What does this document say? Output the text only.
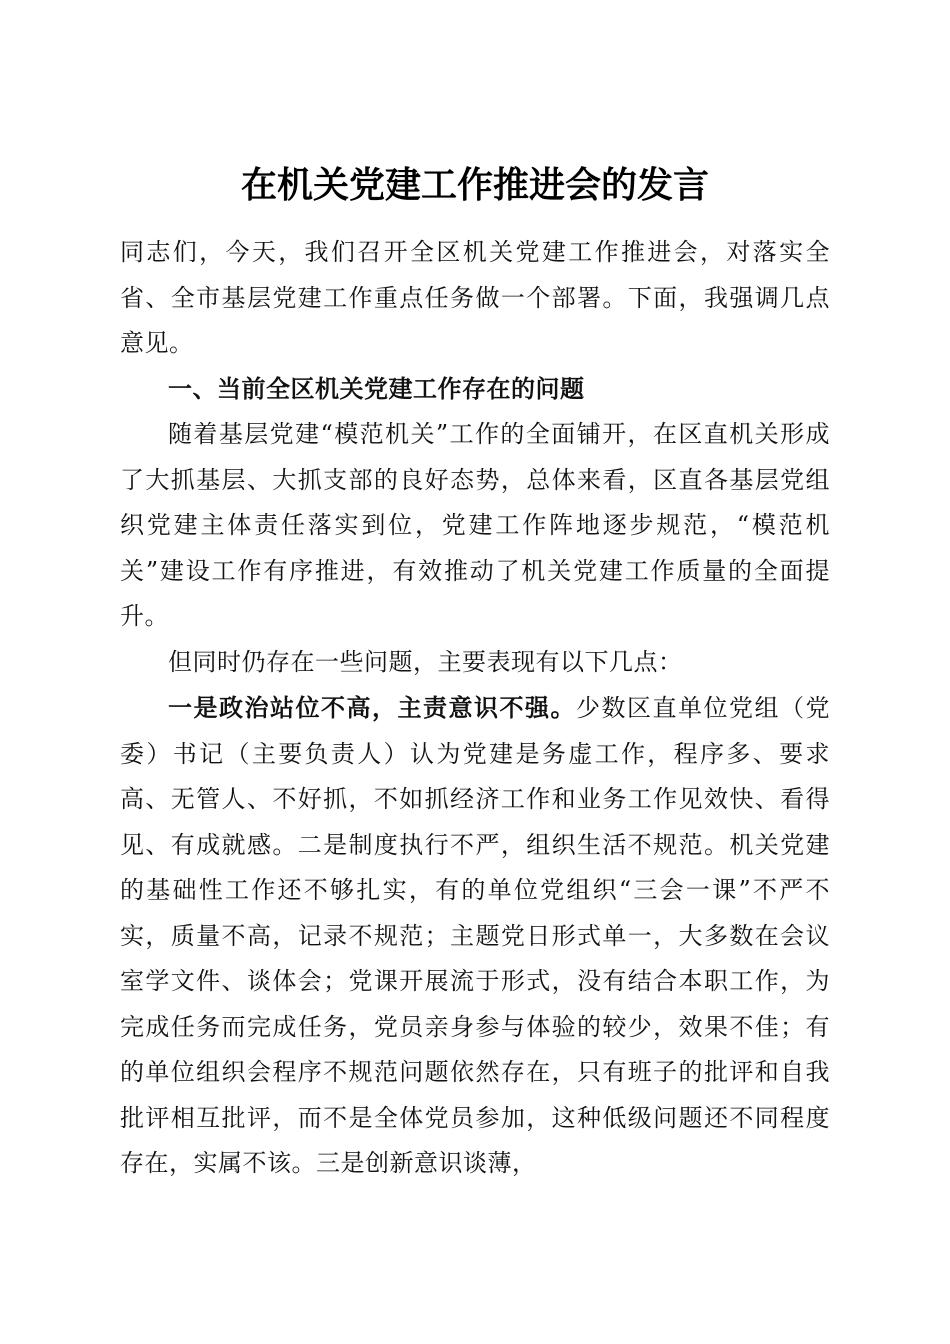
在机关党建工作推进会的发言

同志们，今天，我们召开全区机关党建工作推进会，对落实全省、全市基层党建工作重点任务做一个部署。下面，我强调几点意见。

一、当前全区机关党建工作存在的问题

随着基层党建“模范机关”工作的全面铺开，在区直机关形成了大抓基层、大抓支部的良好态势，总体来看，区直各基层党组织党建主体责任落实到位，党建工作阵地逐步规范，“模范机关”建设工作有序推进，有效推动了机关党建工作质量的全面提升。

但同时仍存在一些问题，主要表现有以下几点：

一是政治站位不高，主责意识不强。少数区直单位党组（党委）书记（主要负责人）认为党建是务虚工作，程序多、要求高、无管人、不好抓，不如抓经济工作和业务工作见效快、看得见、有成就感。二是制度执行不严，组织生活不规范。机关党建的基础性工作还不够扎实，有的单位党组织“三会一课”不严不实，质量不高，记录不规范；主题党日形式单一，大多数在会议室学文件、谈体会；党课开展流于形式，没有结合本职工作，为完成任务而完成任务，党员亲身参与体验的较少，效果不佳；有的单位组织会程序不规范问题依然存在，只有班子的批评和自我批评相互批评，而不是全体党员参加，这种低级问题还不同程度存在，实属不该。三是创新意识谈薄，
